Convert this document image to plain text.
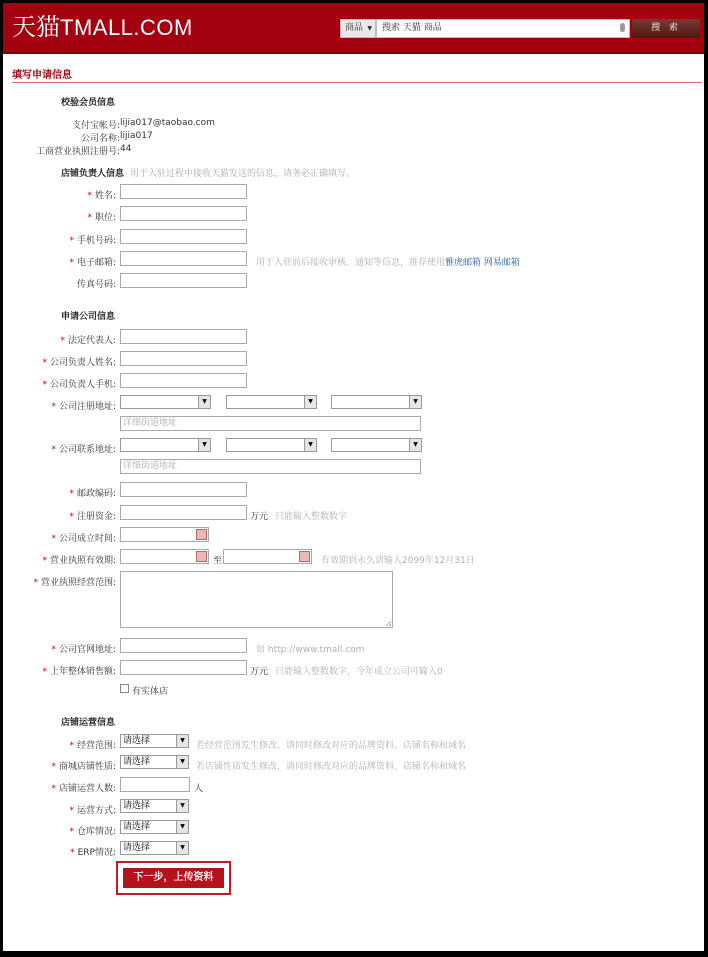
天猫TMALL.COM	商品 ▼	搜索 天猫 商品	搜 索
填写申请信息
校验会员信息
支付宝帐号: lijia017@taobao.com
公司名称: lijia017
工商营业执照注册号: 44
店铺负责人信息 用于入驻过程中接收天猫发送的信息，请务必正确填写。
* 姓名:
* 职位:
* 手机号码:
* 电子邮箱:	用于入驻前后接收审核、通知等信息，推荐使用雅虎邮箱 网易邮箱
传真号码:
申请公司信息
* 法定代表人:
* 公司负责人姓名:
* 公司负责人手机:
* 公司注册地址:
▼	▼	▼
详细街道地址
* 公司联系地址:
▼	▼	▼
详细街道地址
* 邮政编码:
* 注册资金:	万元 只能输入整数数字
* 公司成立时间:
* 营业执照有效期:	至	有效期到永久请输入2099年12月31日
* 营业执照经营范围:
* 公司官网地址:	如 http://www.tmall.com
* 上年整体销售额:	万元 只能输入整数数字，今年成立公司可输入0
有实体店
店铺运营信息
* 经营范围: 请选择	▼
若经营范围发生修改，请同时修改对应的品牌资料、店铺名称和域名
* 商城店铺性质: 请选择	▼
若店铺性质发生修改，请同时修改对应的品牌资料、店铺名称和域名
* 店铺运营人数:	人
* 运营方式: 请选择	▼
* 仓库情况: 请选择	▼
* ERP情况: 请选择	▼
下一步，上传资料
